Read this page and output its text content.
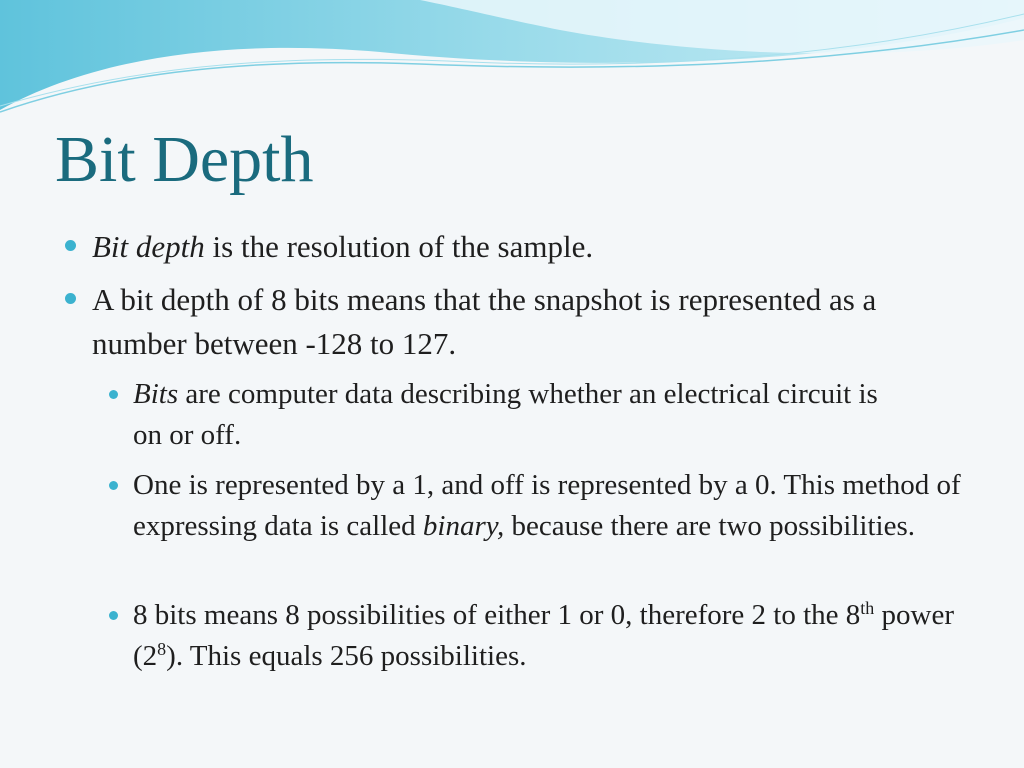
Bit Depth

Bit depth is the resolution of the sample.

A bit depth of 8 bits means that the snapshot is represented as a number between -128 to 127.

Bits are computer data describing whether an electrical circuit is on or off.

One is represented by a 1, and off is represented by a 0. This method of expressing data is called binary, because there are two possibilities.

8 bits means 8 possibilities of either 1 or 0, therefore 2 to the 8th power $(2^8)$. This equals 256 possibilities.
